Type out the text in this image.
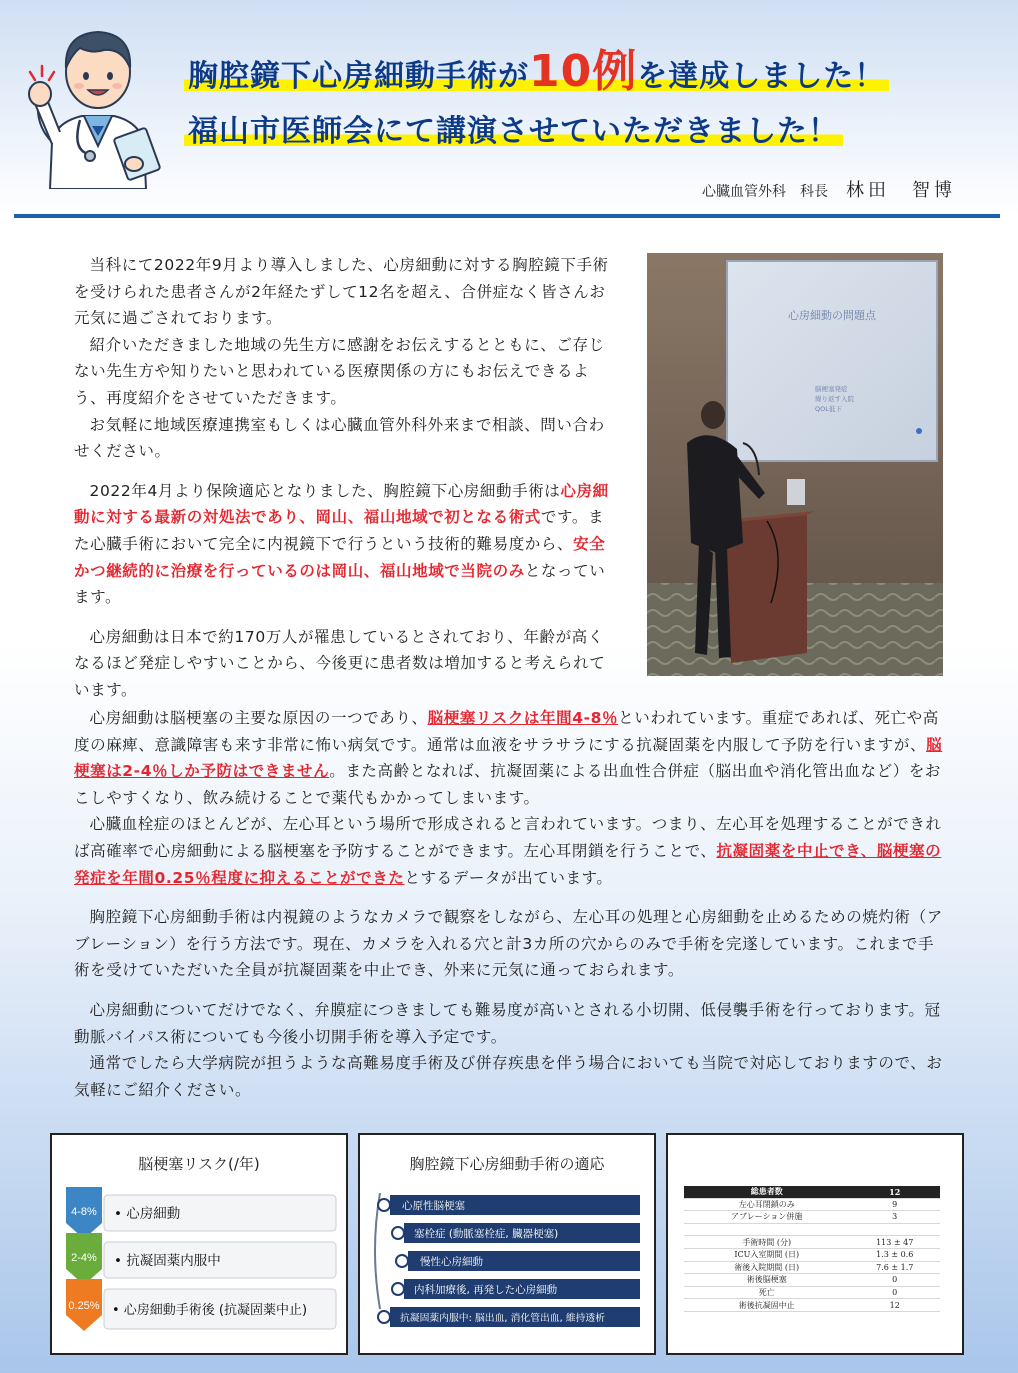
胸腔鏡下心房細動手術が10例を達成しました！
福山市医師会にて講演させていただきました！
心臓血管外科　科長 林田　智博

当科にて2022年9月より導入しました、心房細動に対する胸腔鏡下手術を受けられた患者さんが2年経たずして12名を超え、合併症なく皆さんお元気に過ごされております。

紹介いただきました地域の先生方に感謝をお伝えするとともに、ご存じない先生方や知りたいと思われている医療関係の方にもお伝えできるよう、再度紹介をさせていただきます。

お気軽に地域医療連携室もしくは心臓血管外科外来まで相談、問い合わせください。

2022年4月より保険適応となりました、胸腔鏡下心房細動手術は心房細動に対する最新の対処法であり、岡山、福山地域で初となる術式です。また心臓手術において完全に内視鏡下で行うという技術的難易度から、安全かつ継続的に治療を行っているのは岡山、福山地域で当院のみとなっています。

心房細動は日本で約170万人が罹患しているとされており、年齢が高くなるほど発症しやすいことから、今後更に患者数は増加すると考えられています。

心房細動の問題点
脳梗塞発症
繰り返す入院
QOL低下

心房細動は脳梗塞の主要な原因の一つであり、脳梗塞リスクは年間4-8％といわれています。重症であれば、死亡や高度の麻痺、意識障害も来す非常に怖い病気です。通常は血液をサラサラにする抗凝固薬を内服して予防を行いますが、脳梗塞は2-4％しか予防はできません。また高齢となれば、抗凝固薬による出血性合併症（脳出血や消化管出血など）をおこしやすくなり、飲み続けることで薬代もかかってしまいます。

心臓血栓症のほとんどが、左心耳という場所で形成されると言われています。つまり、左心耳を処理することができれば高確率で心房細動による脳梗塞を予防することができます。左心耳閉鎖を行うことで、抗凝固薬を中止でき、脳梗塞の発症を年間0.25％程度に抑えることができたとするデータが出ています。

胸腔鏡下心房細動手術は内視鏡のようなカメラで観察をしながら、左心耳の処理と心房細動を止めるための焼灼術（アブレーション）を行う方法です。現在、カメラを入れる穴と計3カ所の穴からのみで手術を完遂しています。これまで手術を受けていただいた全員が抗凝固薬を中止でき、外来に元気に通っておられます。

心房細動についてだけでなく、弁膜症につきましても難易度が高いとされる小切開、低侵襲手術を行っております。冠動脈バイパス術についても今後小切開手術を導入予定です。

通常でしたら大学病院が担うような高難易度手術及び併存疾患を伴う場合においても当院で対応しておりますので、お気軽にご紹介ください。

脳梗塞リスク(/年)
4-8% • 心房細動
2-4% • 抗凝固薬内服中
0.25% • 心房細動手術後 (抗凝固薬中止)
胸腔鏡下心房細動手術の適応
心原性脳梗塞
塞栓症 (動脈塞栓症, 臓器梗塞)
慢性心房細動
内科加療後, 再発した心房細動
抗凝固薬内服中: 脳出血, 消化管出血, 維持透析
総患者数	12
左心耳閉鎖のみ	9
アブレーション併施	3

手術時間 (分)	113 ± 47
ICU入室期間 (日)	1.3 ± 0.6
術後入院期間 (日)	7.6 ± 1.7
術後脳梗塞	0
死亡	0
術後抗凝固中止	12
